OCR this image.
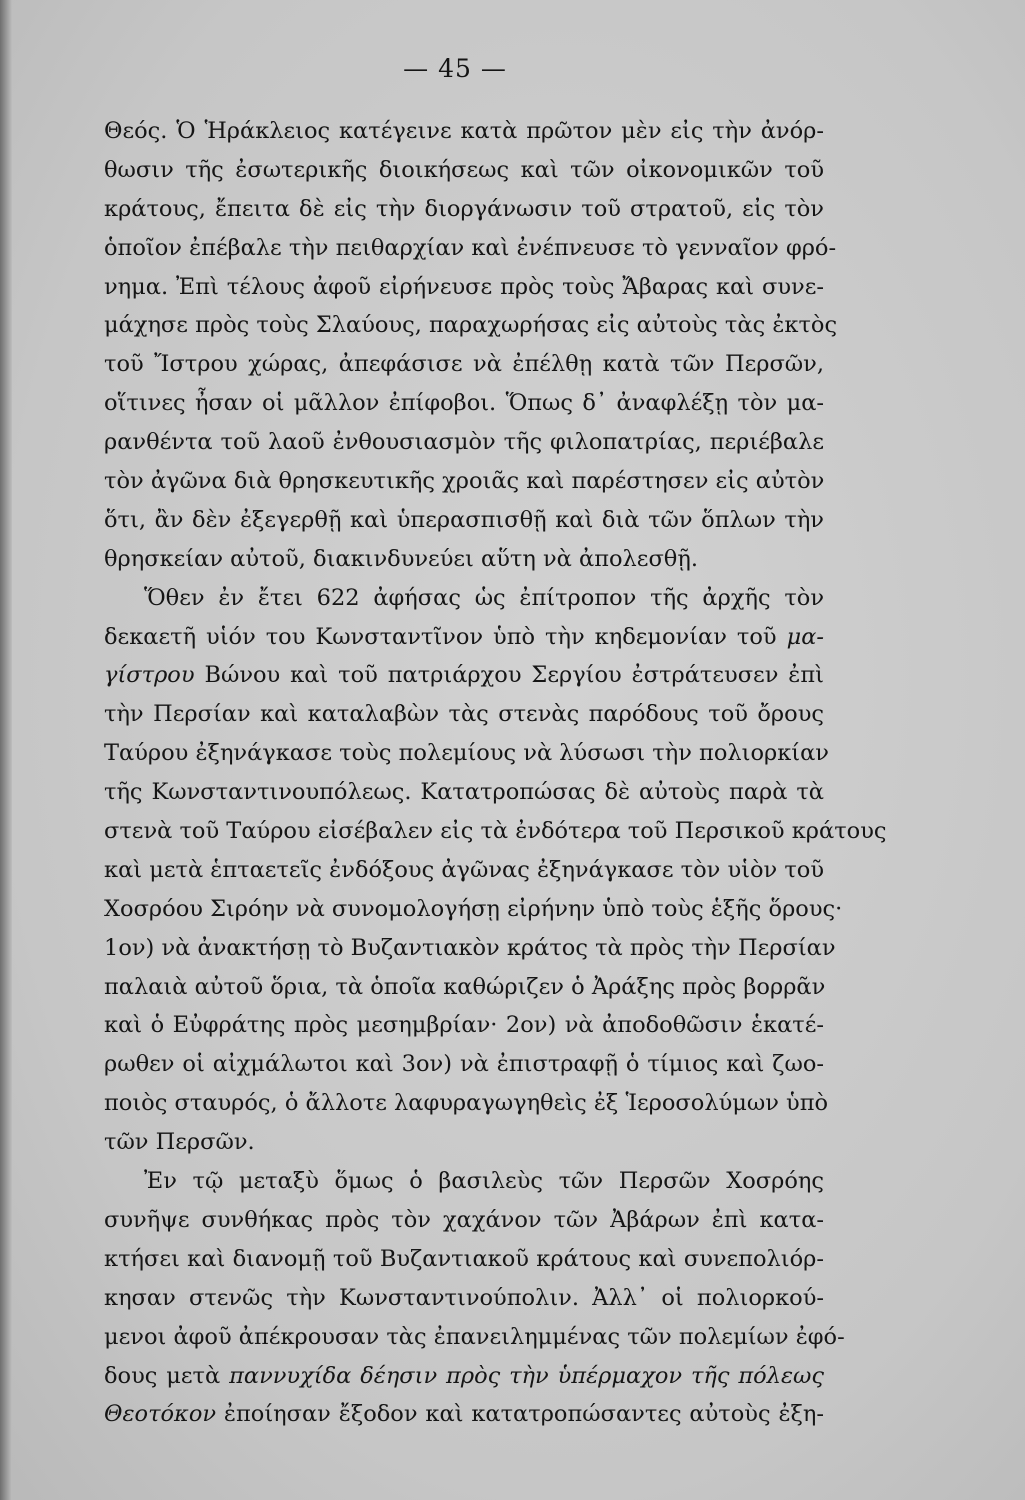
— 45 —
Θεός. Ὁ Ἡράκλειος κατέγεινε κατὰ πρῶτον μὲν εἰς τὴν ἀνόρ-
θωσιν τῆς ἐσωτερικῆς διοικήσεως καὶ τῶν οἰκονομικῶν τοῦ
κράτους, ἔπειτα δὲ εἰς τὴν διοργάνωσιν τοῦ στρατοῦ, εἰς τὸν
ὁποῖον ἐπέβαλε τὴν πειθαρχίαν καὶ ἐνέπνευσε τὸ γενναῖον φρό-
νημα. Ἐπὶ τέλους ἀφοῦ εἰρήνευσε πρὸς τοὺς Ἄβαρας καὶ συνε-
μάχησε πρὸς τοὺς Σλαύους, παραχωρήσας εἰς αὐτοὺς τὰς ἐκτὸς
τοῦ Ἴστρου χώρας, ἀπεφάσισε νὰ ἐπέλθῃ κατὰ τῶν Περσῶν,
οἵτινες ἦσαν οἱ μᾶλλον ἐπίφοβοι. Ὅπως δ᾿ ἀναφλέξῃ τὸν μα-
ρανθέντα τοῦ λαοῦ ἐνθουσιασμὸν τῆς φιλοπατρίας, περιέβαλε
τὸν ἀγῶνα διὰ θρησκευτικῆς χροιᾶς καὶ παρέστησεν εἰς αὐτὸν
ὅτι, ἂν δὲν ἐξεγερθῇ καὶ ὑπερασπισθῇ καὶ διὰ τῶν ὅπλων τὴν
θρησκείαν αὐτοῦ, διακινδυνεύει αὕτη νὰ ἀπολεσθῇ.
Ὅθεν ἐν ἔτει 622 ἀφήσας ὡς ἐπίτροπον τῆς ἀρχῆς τὸν
δεκαετῆ υἱόν του Κωνσταντῖνον ὑπὸ τὴν κηδεμονίαν τοῦ μα-
γίστρου Βώνου καὶ τοῦ πατριάρχου Σεργίου ἐστράτευσεν ἐπὶ
τὴν Περσίαν καὶ καταλαβὼν τὰς στενὰς παρόδους τοῦ ὄρους
Ταύρου ἐξηνάγκασε τοὺς πολεμίους νὰ λύσωσι τὴν πολιορκίαν
τῆς Κωνσταντινουπόλεως. Κατατροπώσας δὲ αὐτοὺς παρὰ τὰ
στενὰ τοῦ Ταύρου εἰσέβαλεν εἰς τὰ ἐνδότερα τοῦ Περσικοῦ κράτους
καὶ μετὰ ἑπταετεῖς ἐνδόξους ἀγῶνας ἐξηνάγκασε τὸν υἱὸν τοῦ
Χοσρόου Σιρόην νὰ συνομολογήσῃ εἰρήνην ὑπὸ τοὺς ἑξῆς ὅρους·
1ον) νὰ ἀνακτήσῃ τὸ Βυζαντιακὸν κράτος τὰ πρὸς τὴν Περσίαν
παλαιὰ αὐτοῦ ὅρια, τὰ ὁποῖα καθώριζεν ὁ Ἀράξης πρὸς βορρᾶν
καὶ ὁ Εὐφράτης πρὸς μεσημβρίαν· 2ον) νὰ ἀποδοθῶσιν ἑκατέ-
ρωθεν οἱ αἰχμάλωτοι καὶ 3ον) νὰ ἐπιστραφῇ ὁ τίμιος καὶ ζωο-
ποιὸς σταυρός, ὁ ἄλλοτε λαφυραγωγηθεὶς ἐξ Ἱεροσολύμων ὑπὸ
τῶν Περσῶν.
Ἐν τῷ μεταξὺ ὅμως ὁ βασιλεὺς τῶν Περσῶν Χοσρόης
συνῆψε συνθήκας πρὸς τὸν χαχάνον τῶν Ἀβάρων ἐπὶ κατα-
κτήσει καὶ διανομῇ τοῦ Βυζαντιακοῦ κράτους καὶ συνεπολιόρ-
κησαν στενῶς τὴν Κωνσταντινούπολιν. Ἀλλ᾿ οἱ πολιορκού-
μενοι ἀφοῦ ἀπέκρουσαν τὰς ἐπανειλημμένας τῶν πολεμίων ἐφό-
δους μετὰ παννυχίδα δέησιν πρὸς τὴν ὑπέρμαχον τῆς πόλεως
Θεοτόκον ἐποίησαν ἔξοδον καὶ κατατροπώσαντες αὐτοὺς ἐξη-
